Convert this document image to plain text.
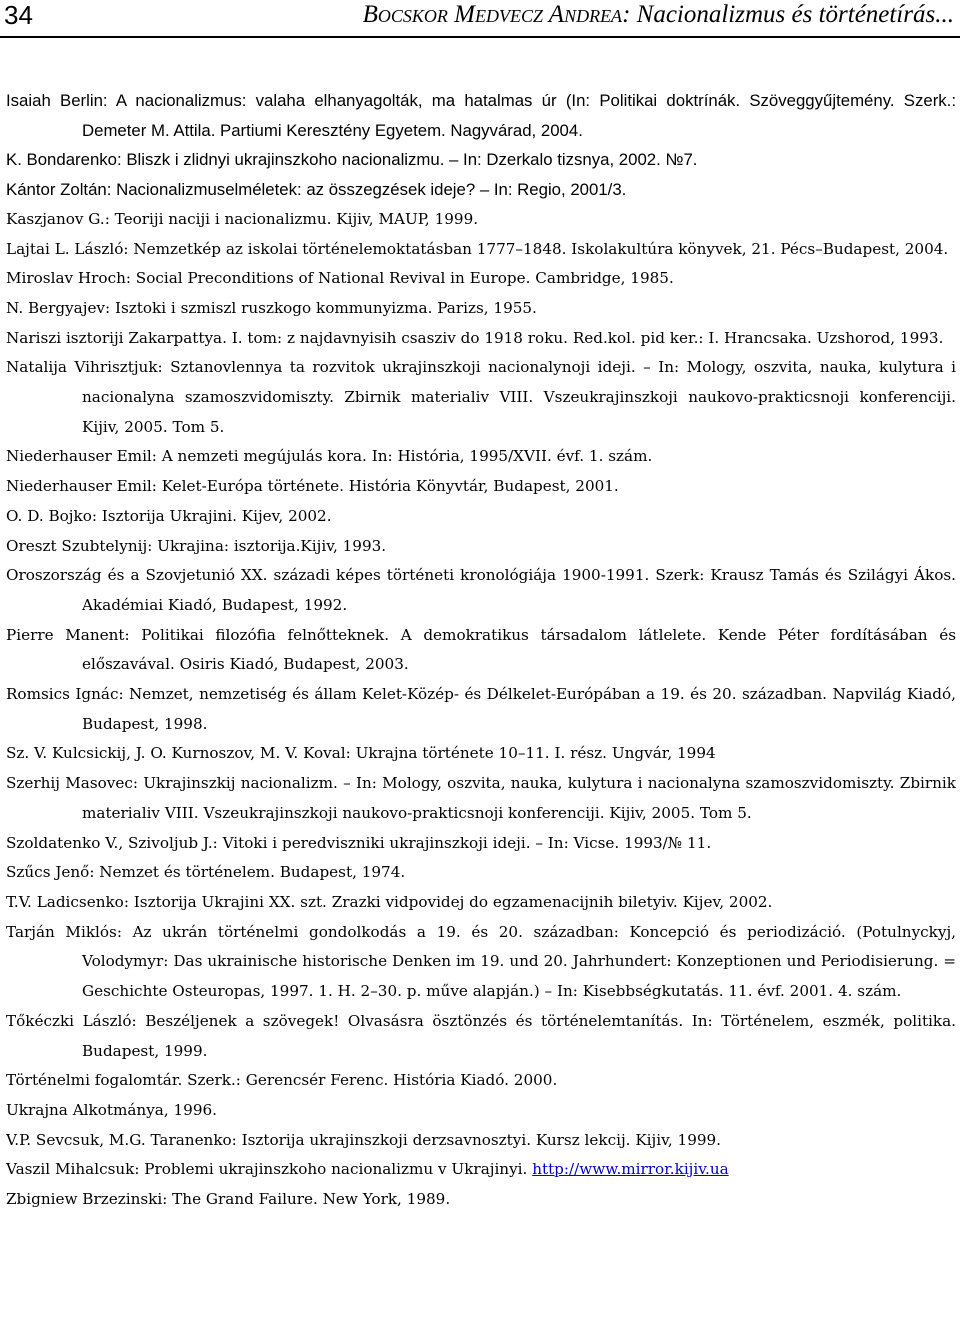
34	Bocskor Medvecz Andrea: Nacionalizmus és történetírás...

Isaiah Berlin: A nacionalizmus: valaha elhanyagolták, ma hatalmas úr (In: Politikai doktrínák. Szöveggyűjtemény. Szerk.: Demeter M. Attila. Partiumi Keresztény Egyetem. Nagyvárad, 2004.

K. Bondarenko: Bliszk i zlidnyi ukrajinszkoho nacionalizmu. – In: Dzerkalo tizsnya, 2002. №7.

Kántor Zoltán: Nacionalizmuselméletek: az összegzések ideje? – In: Regio, 2001/3.

Kaszjanov G.: Teoriji naciji i nacionalizmu. Kijiv, MAUP, 1999.

Lajtai L. László: Nemzetkép az iskolai történelemoktatásban 1777–1848. Iskolakultúra könyvek, 21. Pécs–Budapest, 2004.

Miroslav Hroch: Social Preconditions of National Revival in Europe. Cambridge, 1985.

N. Bergyajev: Isztoki i szmiszl ruszkogo kommunyizma. Parizs, 1955.

Nariszi isztoriji Zakarpattya. I. tom: z najdavnyisih csasziv do 1918 roku. Red.kol. pid ker.: I. Hrancsaka. Uzshorod, 1993.

Natalija Vihrisztjuk: Sztanovlennya ta rozvitok ukrajinszkoji nacionalynoji ideji. – In: Mology, oszvita, nauka, kulytura i nacionalyna szamoszvidomiszty. Zbirnik materialiv VIII. Vszeukrajinszkoji naukovo-prakticsnoji konferenciji. Kijiv, 2005. Tom 5.

Niederhauser Emil: A nemzeti megújulás kora. In: História, 1995/XVII. évf. 1. szám.

Niederhauser Emil: Kelet-Európa története. História Könyvtár, Budapest, 2001.

O. D. Bojko: Isztorija Ukrajini. Kijev, 2002.

Oreszt Szubtelynij: Ukrajina: isztorija.Kijiv, 1993.

Oroszország és a Szovjetunió XX. századi képes történeti kronológiája 1900-1991. Szerk: Krausz Tamás és Szilágyi Ákos. Akadémiai Kiadó, Budapest, 1992.

Pierre Manent: Politikai filozófia felnőtteknek. A demokratikus társadalom látlelete. Kende Péter fordításában és előszavával. Osiris Kiadó, Budapest, 2003.

Romsics Ignác: Nemzet, nemzetiség és állam Kelet-Közép- és Délkelet-Európában a 19. és 20. században. Napvilág Kiadó, Budapest, 1998.

Sz. V. Kulcsickij, J. O. Kurnoszov, M. V. Koval: Ukrajna története 10–11. I. rész. Ungvár, 1994

Szerhij Masovec: Ukrajinszkij nacionalizm. – In: Mology, oszvita, nauka, kulytura i nacionalyna szamoszvidomiszty. Zbirnik materialiv VIII. Vszeukrajinszkoji naukovo-prakticsnoji konferenciji. Kijiv, 2005. Tom 5.

Szoldatenko V., Szivoljub J.: Vitoki i peredviszniki ukrajinszkoji ideji. – In: Vicse. 1993/№ 11.

Szűcs Jenő: Nemzet és történelem. Budapest, 1974.

T.V. Ladicsenko: Isztorija Ukrajini XX. szt. Zrazki vidpovidej do egzamenacijnih biletyiv. Kijev, 2002.

Tarján Miklós: Az ukrán történelmi gondolkodás a 19. és 20. században: Koncepció és periodizáció. (Potulnyckyj, Volodymyr: Das ukrainische historische Denken im 19. und 20. Jahrhundert: Konzeptionen und Periodisierung. = Geschichte Osteuropas, 1997. 1. H. 2–30. p. műve alapján.) – In: Kisebbségkutatás. 11. évf. 2001. 4. szám.

Tőkéczki László: Beszéljenek a szövegek! Olvasásra ösztönzés és történelemtanítás. In: Történelem, eszmék, politika. Budapest, 1999.

Történelmi fogalomtár. Szerk.: Gerencsér Ferenc. História Kiadó. 2000.

Ukrajna Alkotmánya, 1996.

V.P. Sevcsuk, M.G. Taranenko: Isztorija ukrajinszkoji derzsavnosztyi. Kursz lekcij. Kijiv, 1999.

Vaszil Mihalcsuk: Problemi ukrajinszkoho nacionalizmu v Ukrajinyi. http://www.mirror.kijiv.ua

Zbigniew Brzezinski: The Grand Failure. New York, 1989.
